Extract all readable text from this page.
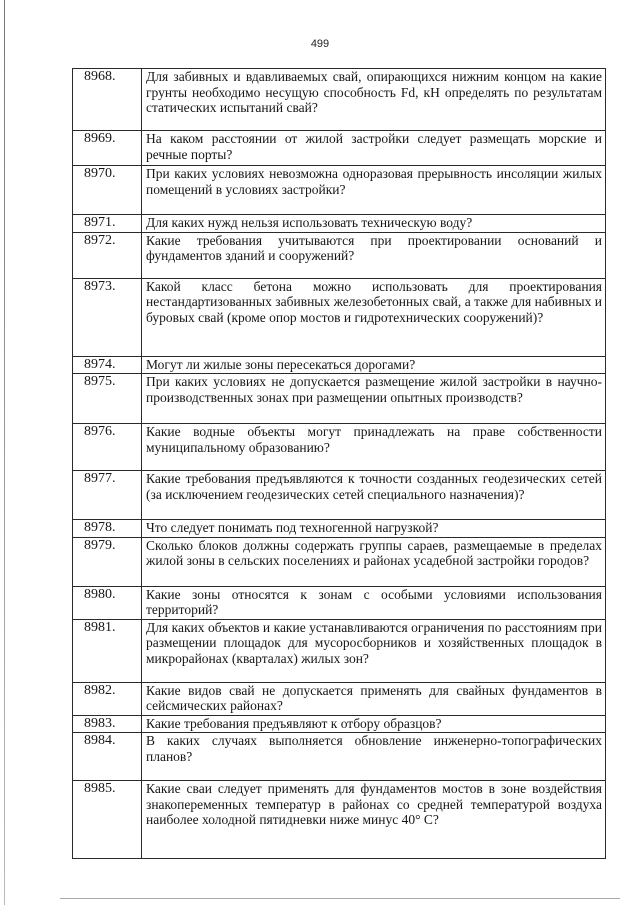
499
8968.	Для забивных и вдавливаемых свай, опирающихся нижним концом на какие грунты необходимо несущую способность Fd, кН определять по результатам статических испытаний свай?
8969.	На каком расстоянии от жилой застройки следует размещать морские и речные порты?
8970.	При каких условиях невозможна одноразовая прерывность инсоляции жилых помещений в условиях застройки?
8971.	Для каких нужд нельзя использовать техническую воду?
8972.	Какие требования учитываются при проектировании оснований и фундаментов зданий и сооружений?
8973.	Какой класс бетона можно использовать для проектирования нестандартизованных забивных железобетонных свай, а также для набивных и буровых свай (кроме опор мостов и гидротехнических сооружений)?
8974.	Могут ли жилые зоны пересекаться дорогами?
8975.	При каких условиях не допускается размещение жилой застройки в научно-производственных зонах при размещении опытных производств?
8976.	Какие водные объекты могут принадлежать на праве собственности муниципальному образованию?
8977.	Какие требования предъявляются к точности созданных геодезических сетей (за исключением геодезических сетей специального назначения)?
8978.	Что следует понимать под техногенной нагрузкой?
8979.	Сколько блоков должны содержать группы сараев, размещаемые в пределах жилой зоны в сельских поселениях и районах усадебной застройки городов?
8980.	Какие зоны относятся к зонам с особыми условиями использования территорий?
8981.	Для каких объектов и какие устанавливаются ограничения по расстояниям при размещении площадок для мусоросборников и хозяйственных площадок в микрорайонах (кварталах) жилых зон?
8982.	Какие видов свай не допускается применять для свайных фундаментов в сейсмических районах?
8983.	Какие требования предъявляют к отбору образцов?
8984.	В каких случаях выполняется обновление инженерно-топографических планов?
8985.	Какие сваи следует применять для фундаментов мостов в зоне воздействия знакопеременных температур в районах со средней температурой воздуха наиболее холодной пятидневки ниже минус 40° С?
